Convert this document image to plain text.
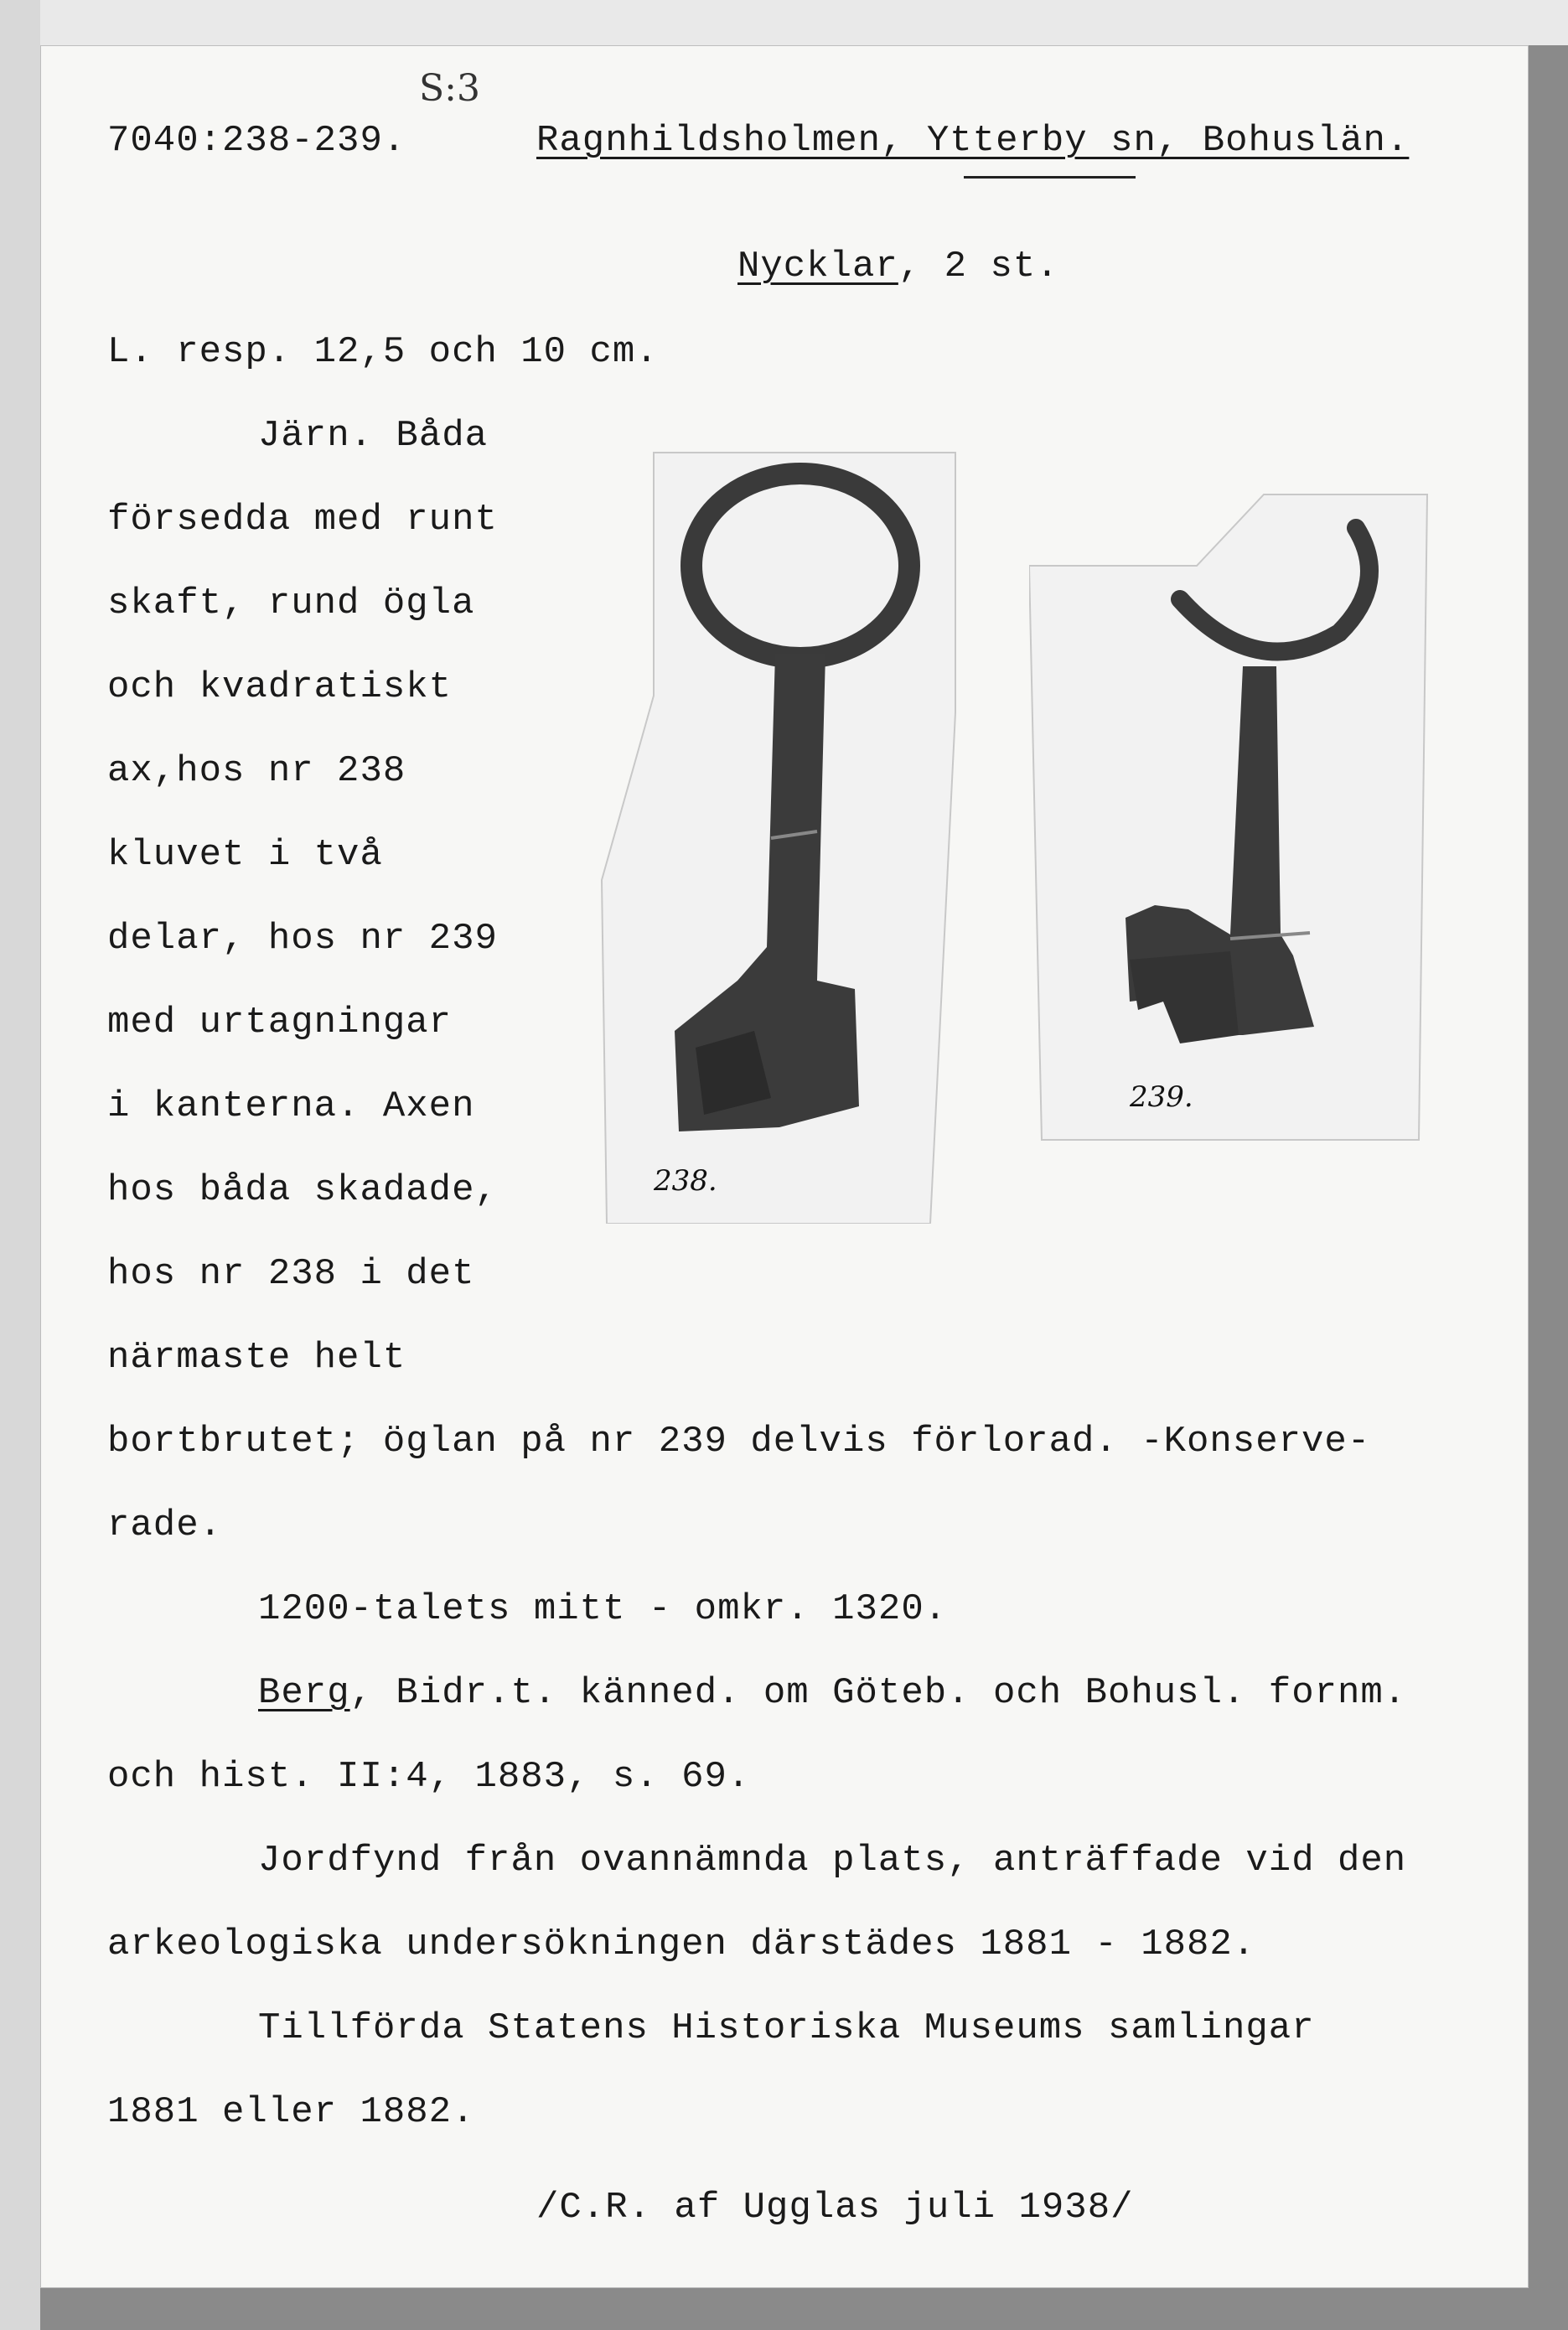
S:3
7040:238-239.	Ragnhildsholmen, Ytterby sn, Bohuslän.
Nycklar, 2 st.
L. resp. 12,5 och 10 cm.
Järn. Båda
försedda med runt
skaft, rund ögla
och kvadratiskt
ax,hos nr 238
kluvet i två
delar, hos nr 239
med urtagningar
i kanterna. Axen
hos båda skadade,
hos nr 238 i det
närmaste helt
bortbrutet; öglan på nr 239 delvis förlorad. -Konserve-
rade.
238.
239.
1200-talets mitt - omkr. 1320.
Berg, Bidr.t. känned. om Göteb. och Bohusl. fornm.
och hist. II:4, 1883, s. 69.
Jordfynd från ovannämnda plats, anträffade vid den
arkeologiska undersökningen därstädes 1881 - 1882.
Tillförda Statens Historiska Museums samlingar
1881 eller 1882.
/C.R. af Ugglas juli 1938/
